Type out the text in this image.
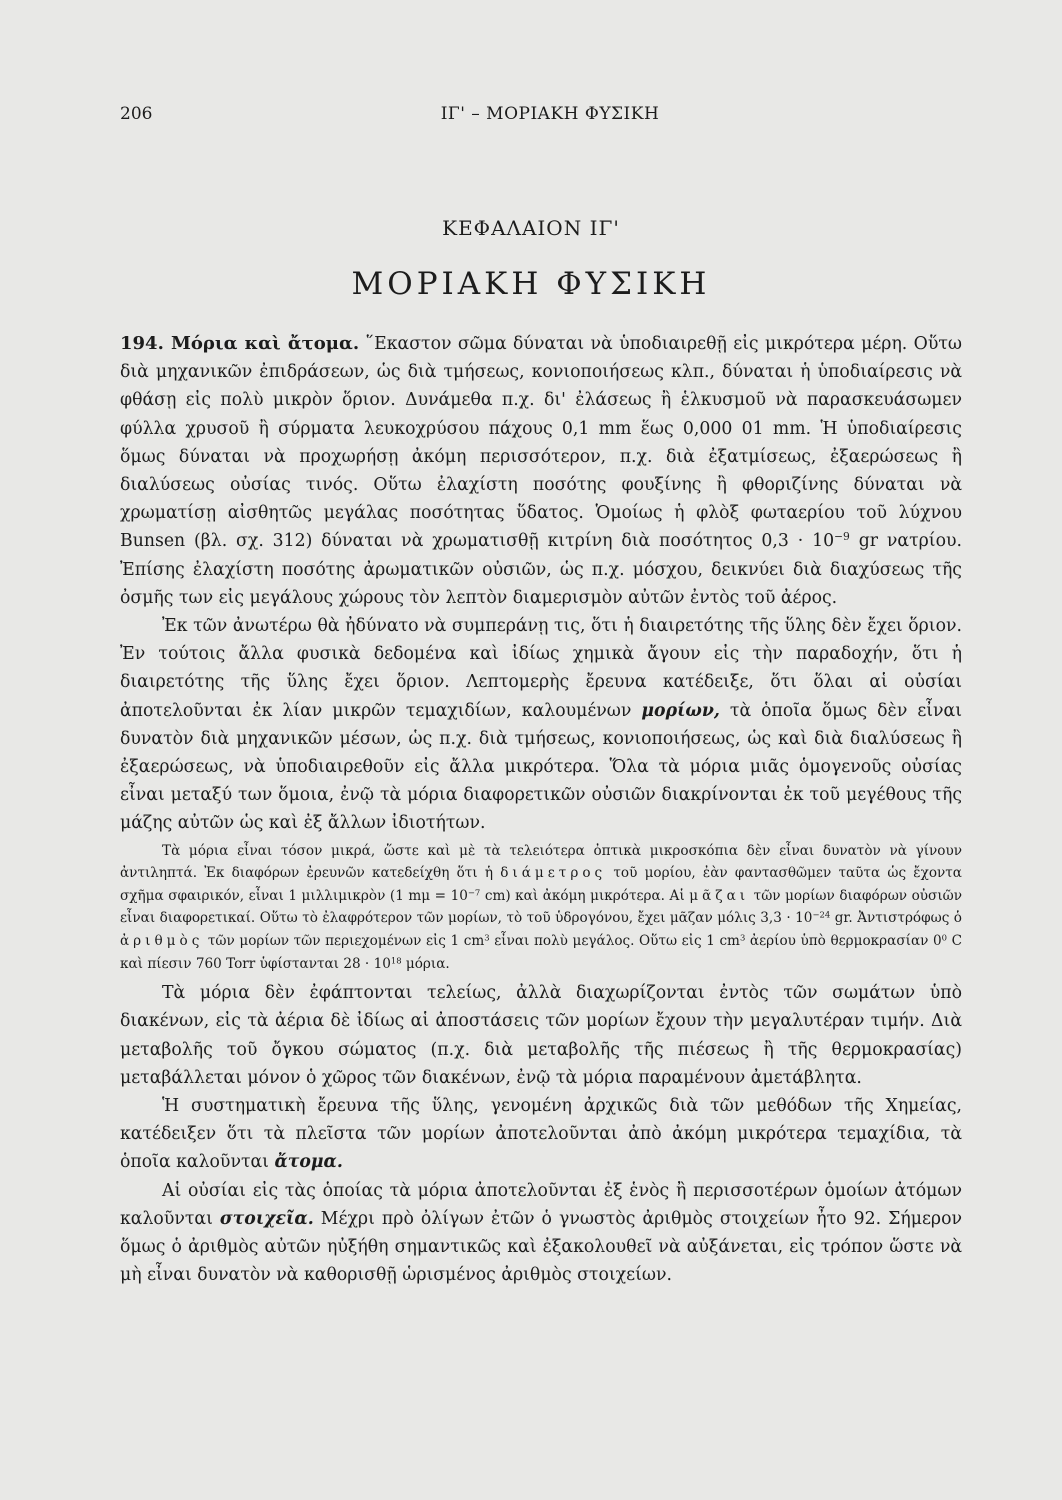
206	ΙΓ' – ΜΟΡΙΑΚΗ ΦΥΣΙΚΗ
ΚΕΦΑΛΑΙΟΝ ΙΓ'
ΜΟΡΙΑΚΗ ΦΥΣΙΚΗ

194. Μόρια καὶ ἄτομα. ῞Εκαστον σῶμα δύναται νὰ ὑποδιαιρεθῇ εἰς μικρότερα μέρη. Οὕτω διὰ μηχανικῶν ἐπιδράσεων, ὡς διὰ τμήσεως, κονιοποιήσεως κλπ., δύναται ἡ ὑποδιαίρεσις νὰ φθάσῃ εἰς πολὺ μικρὸν ὅριον. Δυνάμεθα π.χ. δι' ἐλάσεως ἢ ἑλκυσμοῦ νὰ παρασκευάσωμεν φύλλα χρυσοῦ ἢ σύρματα λευκοχρύσου πάχους 0,1 mm ἕως 0,000 01 mm. Ἡ ὑποδιαίρεσις ὅμως δύναται νὰ προχωρήσῃ ἀκόμη περισσότερον, π.χ. διὰ ἐξατμίσεως, ἐξαερώσεως ἢ διαλύσεως οὐσίας τινός. Οὕτω ἐλαχίστη ποσότης φουξίνης ἢ φθοριζίνης δύναται νὰ χρωματίσῃ αἰσθητῶς μεγάλας ποσότητας ὕδατος. Ὁμοίως ἡ φλὸξ φωταερίου τοῦ λύχνου Bunsen (βλ. σχ. 312) δύναται νὰ χρωματισθῇ κιτρίνη διὰ ποσότητος $0,3 \cdot 10^{-9}$ gr νατρίου. Ἐπίσης ἐλαχίστη ποσότης ἀρωματικῶν οὐσιῶν, ὡς π.χ. μόσχου, δεικνύει διὰ διαχύσεως τῆς ὀσμῆς των εἰς μεγάλους χώρους τὸν λεπτὸν διαμερισμὸν αὐτῶν ἐντὸς τοῦ ἀέρος.

Ἐκ τῶν ἀνωτέρω θὰ ἠδύνατο νὰ συμπεράνῃ τις, ὅτι ἡ διαιρετότης τῆς ὕλης δὲν ἔχει ὅριον. Ἐν τούτοις ἄλλα φυσικὰ δεδομένα καὶ ἰδίως χημικὰ ἄγουν εἰς τὴν παραδοχήν, ὅτι ἡ διαιρετότης τῆς ὕλης ἔχει ὅριον. Λεπτομερὴς ἔρευνα κατέδειξε, ὅτι ὅλαι αἱ οὐσίαι ἀποτελοῦνται ἐκ λίαν μικρῶν τεμαχιδίων, καλουμένων μορίων, τὰ ὁποῖα ὅμως δὲν εἶναι δυνατὸν διὰ μηχανικῶν μέσων, ὡς π.χ. διὰ τμήσεως, κονιοποιήσεως, ὡς καὶ διὰ διαλύσεως ἢ ἐξαερώσεως, νὰ ὑποδιαιρεθοῦν εἰς ἄλλα μικρότερα. Ὅλα τὰ μόρια μιᾶς ὁμογενοῦς οὐσίας εἶναι μεταξύ των ὅμοια, ἐνῷ τὰ μόρια διαφορετικῶν οὐσιῶν διακρίνονται ἐκ τοῦ μεγέθους τῆς μάζης αὐτῶν ὡς καὶ ἐξ ἄλλων ἰδιοτήτων.

Τὰ μόρια εἶναι τόσον μικρά, ὥστε καὶ μὲ τὰ τελειότερα ὀπτικὰ μικροσκόπια δὲν εἶναι δυνατὸν νὰ γίνουν ἀντιληπτά. Ἐκ διαφόρων ἐρευνῶν κατεδείχθη ὅτι ἡ διάμετρος τοῦ μορίου, ἐὰν φαντασθῶμεν ταῦτα ὡς ἔχοντα σχῆμα σφαιρικόν, εἶναι 1 μιλλιμικρὸν (1 $m\mu = 10^{-7}$ cm) καὶ ἀκόμη μικρότερα. Αἱ μᾶζαι τῶν μορίων διαφόρων οὐσιῶν εἶναι διαφορετικαί. Οὕτω τὸ ἐλαφρότερον τῶν μορίων, τὸ τοῦ ὑδρογόνου, ἔχει μᾶζαν μόλις $3,3 \cdot 10^{-24}$ gr. Ἀντιστρόφως ὁ ἀριθμὸς τῶν μορίων τῶν περιεχομένων εἰς 1 $cm^3$ εἶναι πολὺ μεγάλος. Οὕτω εἰς 1 $cm^3$ ἀερίου ὑπὸ θερμοκρασίαν $0^0$ C καὶ πίεσιν 760 Torr ὑφίστανται $28 \cdot 10^{18}$ μόρια.

Τὰ μόρια δὲν ἐφάπτονται τελείως, ἀλλὰ διαχωρίζονται ἐντὸς τῶν σωμάτων ὑπὸ διακένων, εἰς τὰ ἀέρια δὲ ἰδίως αἱ ἀποστάσεις τῶν μορίων ἔχουν τὴν μεγαλυτέραν τιμήν. Διὰ μεταβολῆς τοῦ ὄγκου σώματος (π.χ. διὰ μεταβολῆς τῆς πιέσεως ἢ τῆς θερμοκρασίας) μεταβάλλεται μόνον ὁ χῶρος τῶν διακένων, ἐνῷ τὰ μόρια παραμένουν ἀμετάβλητα.

Ἡ συστηματικὴ ἔρευνα τῆς ὕλης, γενομένη ἀρχικῶς διὰ τῶν μεθόδων τῆς Χημείας, κατέδειξεν ὅτι τὰ πλεῖστα τῶν μορίων ἀποτελοῦνται ἀπὸ ἀκόμη μικρότερα τεμαχίδια, τὰ ὁποῖα καλοῦνται ἄτομα.

Αἱ οὐσίαι εἰς τὰς ὁποίας τὰ μόρια ἀποτελοῦνται ἐξ ἑνὸς ἢ περισσοτέρων ὁμοίων ἀτόμων καλοῦνται στοιχεῖα. Μέχρι πρὸ ὀλίγων ἐτῶν ὁ γνωστὸς ἀριθμὸς στοιχείων ἦτο 92. Σήμερον ὅμως ὁ ἀριθμὸς αὐτῶν ηὐξήθη σημαντικῶς καὶ ἐξακολουθεῖ νὰ αὐξάνεται, εἰς τρόπον ὥστε νὰ μὴ εἶναι δυνατὸν νὰ καθορισθῇ ὡρισμένος ἀριθμὸς στοιχείων.
